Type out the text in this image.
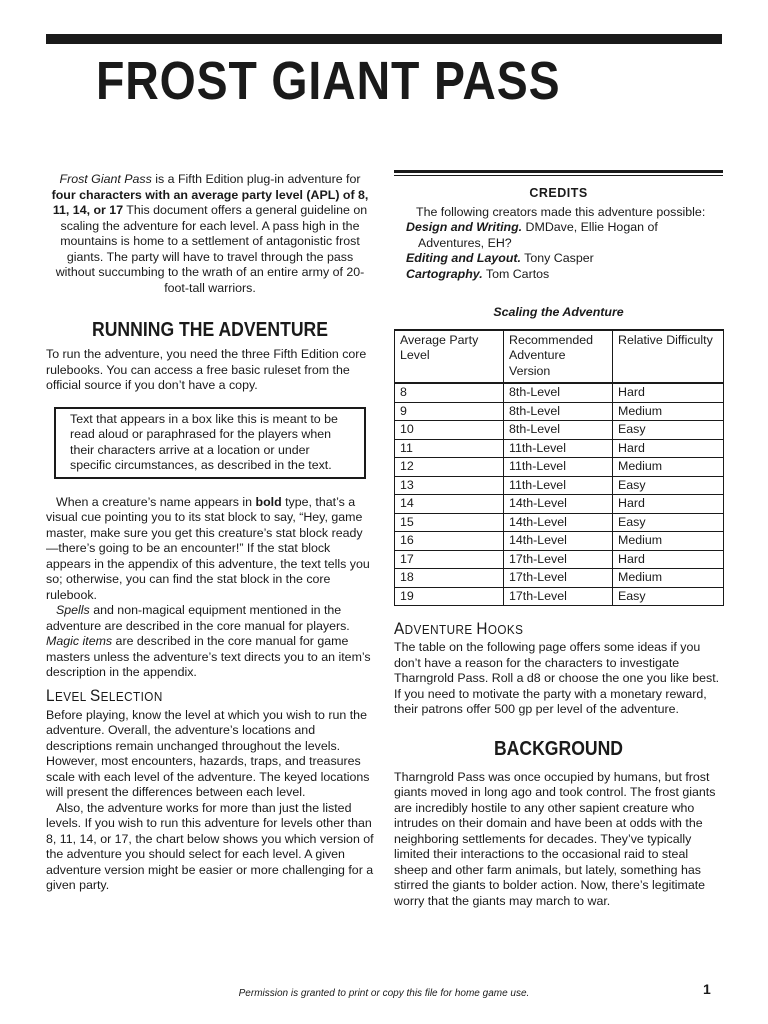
FROST GIANT PASS

Frost Giant Pass is a Fifth Edition plug-in adventure for four characters with an average party level (APL) of 8, 11, 14, or 17 This document offers a general guideline on scaling the adventure for each level. A pass high in the mountains is home to a settlement of antagonistic frost giants. The party will have to travel through the pass without succumbing to the wrath of an entire army of 20-foot-tall warriors.

RUNNING THE ADVENTURE

To run the adventure, you need the three Fifth Edition core rulebooks. You can access a free basic ruleset from the official source if you don’t have a copy.

Text that appears in a box like this is meant to be read aloud or paraphrased for the players when their characters arrive at a location or under specific circumstances, as described in the text.

When a creature’s name appears in bold type, that’s a visual cue pointing you to its stat block to say, “Hey, game master, make sure you get this creature’s stat block ready—there’s going to be an encounter!” If the stat block appears in the appendix of this adventure, the text tells you so; otherwise, you can find the stat block in the core rulebook.

Spells and non-magical equipment mentioned in the adventure are described in the core manual for players. Magic items are described in the core manual for game masters unless the adventure’s text directs you to an item’s description in the appendix.

LEVEL SELECTION

Before playing, know the level at which you wish to run the adventure. Overall, the adventure’s locations and descriptions remain unchanged throughout the levels. However, most encounters, hazards, traps, and treasures scale with each level of the adventure. The keyed locations will present the differences between each level.

Also, the adventure works for more than just the listed levels. If you wish to run this adventure for levels other than 8, 11, 14, or 17, the chart below shows you which version of the adventure you should select for each level. A given adventure version might be easier or more challenging for a given party.

CREDITS

The following creators made this adventure possible:

Design and Writing. DMDave, Ellie Hogan of Adventures, EH?

Editing and Layout. Tony Casper

Cartography. Tom Cartos

Scaling the Adventure
Average Party Level	Recommended Adventure Version	Relative Difficulty
8	8th-Level	Hard
9	8th-Level	Medium
10	8th-Level	Easy
11	11th-Level	Hard
12	11th-Level	Medium
13	11th-Level	Easy
14	14th-Level	Hard
15	14th-Level	Easy
16	14th-Level	Medium
17	17th-Level	Hard
18	17th-Level	Medium
19	17th-Level	Easy
ADVENTURE HOOKS

The table on the following page offers some ideas if you don’t have a reason for the characters to investigate Tharngrold Pass. Roll a d8 or choose the one you like best. If you need to motivate the party with a monetary reward, their patrons offer 500 gp per level of the adventure.

BACKGROUND

Tharngrold Pass was once occupied by humans, but frost giants moved in long ago and took control. The frost giants are incredibly hostile to any other sapient creature who intrudes on their domain and have been at odds with the neighboring settlements for decades. They’ve typically limited their interactions to the occasional raid to steal sheep and other farm animals, but lately, something has stirred the giants to bolder action. Now, there’s legitimate worry that the giants may march to war.

Permission is granted to print or copy this file for home game use.	1
